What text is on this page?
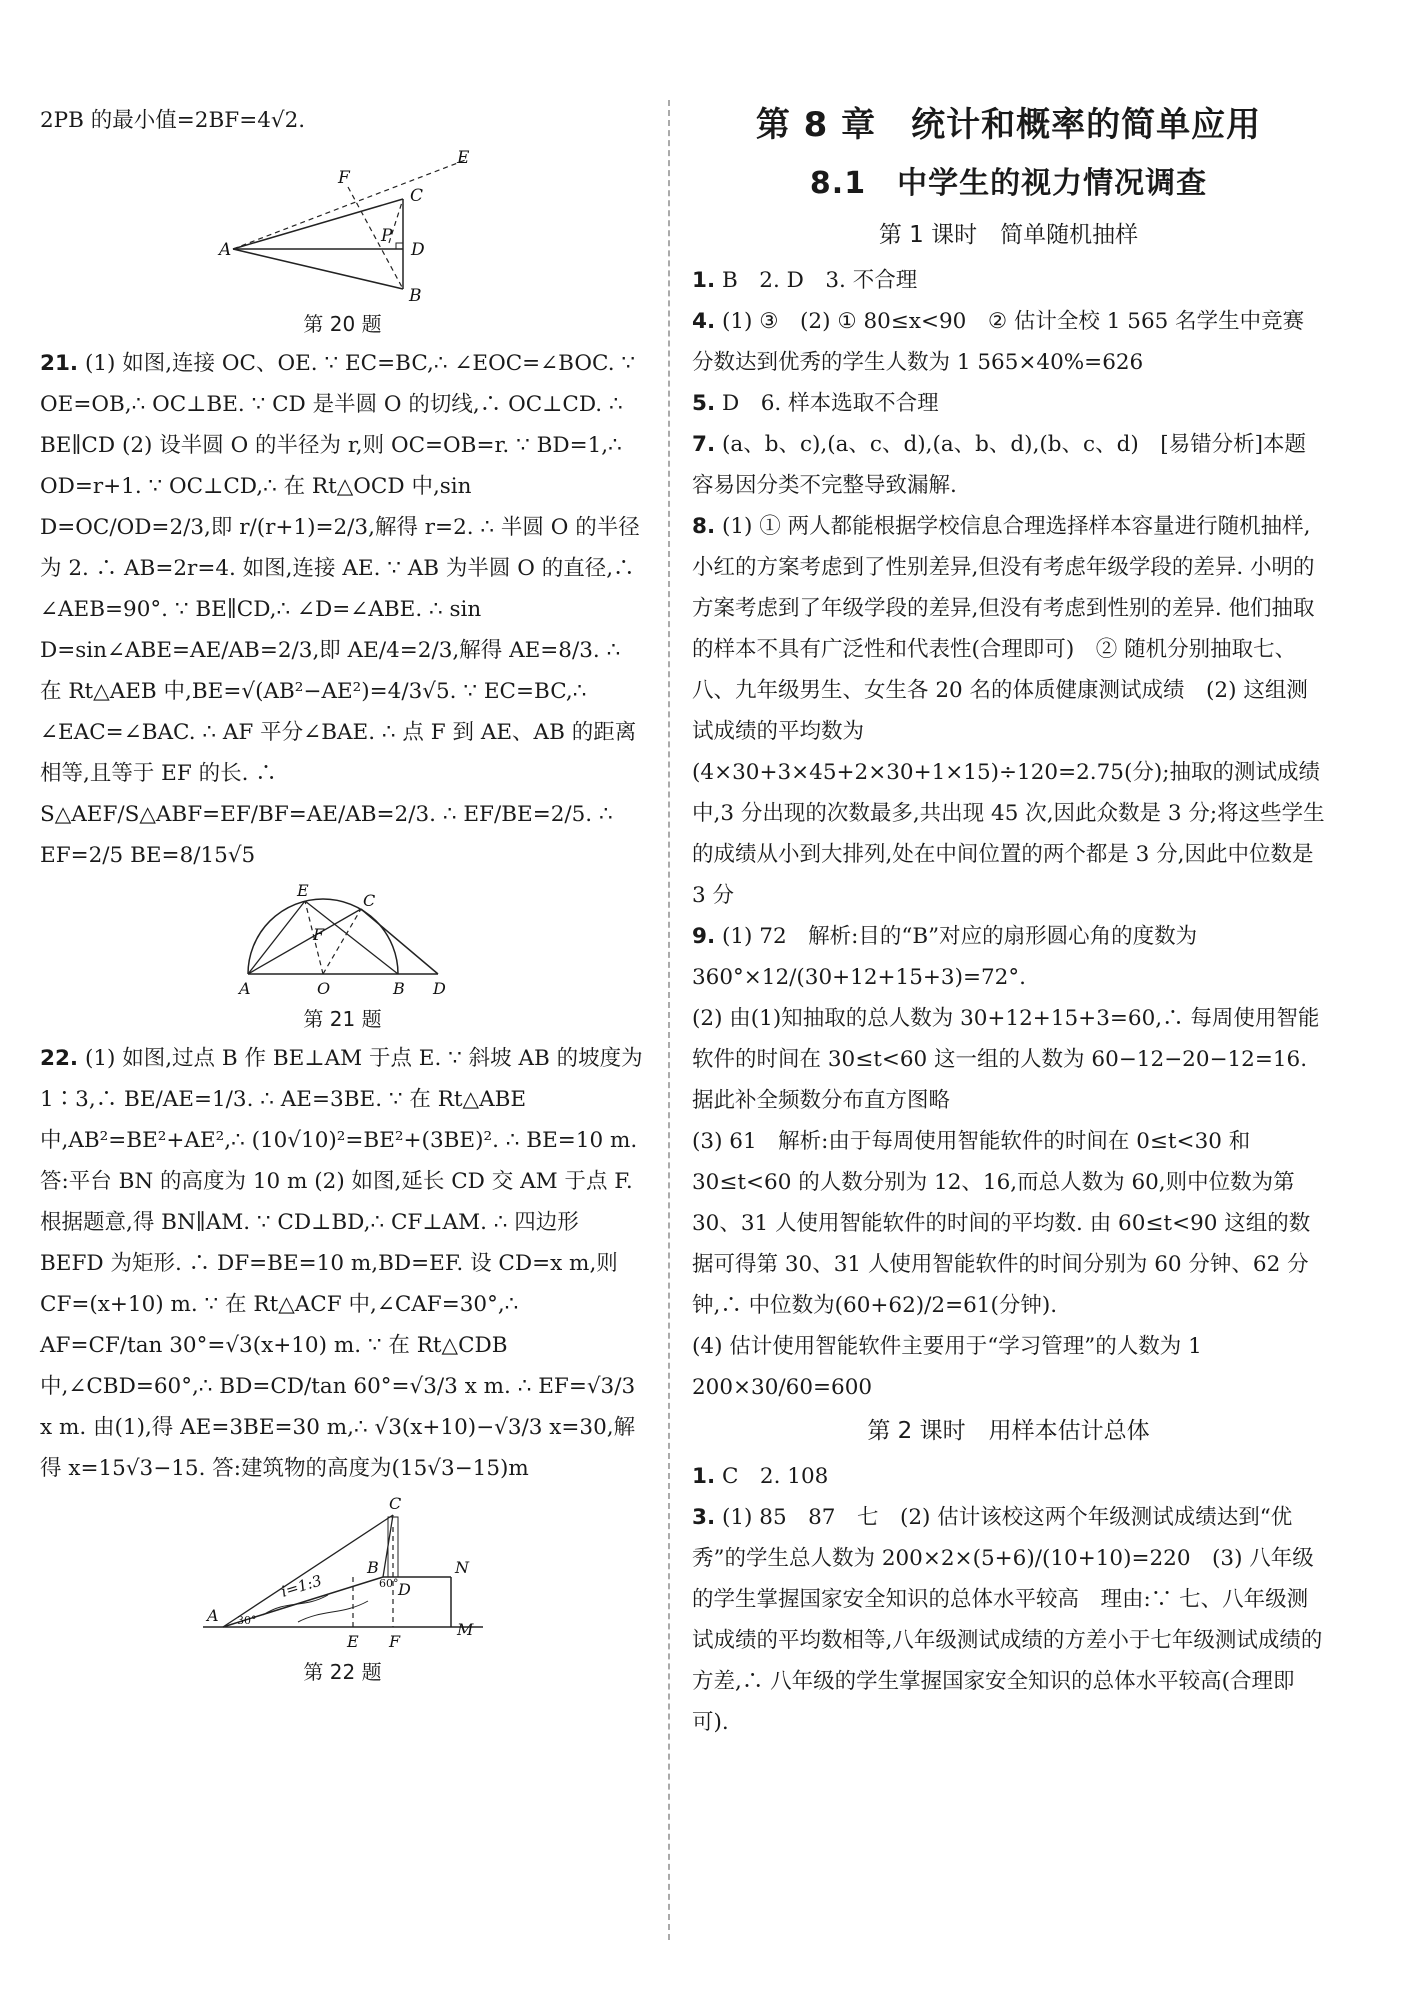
2PB 的最小值=2BF=4√2.

A
F
E
C
P
D
B
第 20 题

21. (1) 如图,连接 OC、OE. ∵ EC=BC,∴ ∠EOC=∠BOC. ∵ OE=OB,∴ OC⊥BE. ∵ CD 是半圆 O 的切线,∴ OC⊥CD. ∴ BE∥CD (2) 设半圆 O 的半径为 r,则 OC=OB=r. ∵ BD=1,∴ OD=r+1. ∵ OC⊥CD,∴ 在 Rt△OCD 中,sin D=OC/OD=2/3,即 r/(r+1)=2/3,解得 r=2. ∴ 半圆 O 的半径为 2. ∴ AB=2r=4. 如图,连接 AE. ∵ AB 为半圆 O 的直径,∴ ∠AEB=90°. ∵ BE∥CD,∴ ∠D=∠ABE. ∴ sin D=sin∠ABE=AE/AB=2/3,即 AE/4=2/3,解得 AE=8/3. ∴ 在 Rt△AEB 中,BE=√(AB²−AE²)=4/3√5. ∵ EC=BC,∴ ∠EAC=∠BAC. ∴ AF 平分∠BAE. ∴ 点 F 到 AE、AB 的距离相等,且等于 EF 的长. ∴ S△AEF/S△ABF=EF/BF=AE/AB=2/3. ∴ EF/BE=2/5. ∴ EF=2/5 BE=8/15√5

E
C
F
A	O	B D
第 21 题

22. (1) 如图,过点 B 作 BE⊥AM 于点 E. ∵ 斜坡 AB 的坡度为 1∶3,∴ BE/AE=1/3. ∴ AE=3BE. ∵ 在 Rt△ABE 中,AB²=BE²+AE²,∴ (10√10)²=BE²+(3BE)². ∴ BE=10 m. 答:平台 BN 的高度为 10 m (2) 如图,延长 CD 交 AM 于点 F. 根据题意,得 BN∥AM. ∵ CD⊥BD,∴ CF⊥AM. ∴ 四边形 BEFD 为矩形. ∴ DF=BE=10 m,BD=EF. 设 CD=x m,则 CF=(x+10) m. ∵ 在 Rt△ACF 中,∠CAF=30°,∴ AF=CF/tan 30°=√3(x+10) m. ∵ 在 Rt△CDB 中,∠CBD=60°,∴ BD=CD/tan 60°=√3/3 x m. ∴ EF=√3/3 x m. 由(1),得 AE=3BE=30 m,∴ √3(x+10)−√3/3 x=30,解得 x=15√3−15. 答:建筑物的高度为(15√3−15)m

C
B
60°
N
D
i=1:3
A 30°
E F
M
第 22 题
第 8 章　统计和概率的简单应用
8.1　中学生的视力情况调查
第 1 课时　简单随机抽样

1. B　2. D　3. 不合理

4. (1) ③　(2) ① 80≤x<90　② 估计全校 1 565 名学生中竞赛分数达到优秀的学生人数为 1 565×40%=626

5. D　6. 样本选取不合理

7. (a、b、c),(a、c、d),(a、b、d),(b、c、d)　[易错分析]本题容易因分类不完整导致漏解.

8. (1) ① 两人都能根据学校信息合理选择样本容量进行随机抽样,小红的方案考虑到了性别差异,但没有考虑年级学段的差异. 小明的方案考虑到了年级学段的差异,但没有考虑到性别的差异. 他们抽取的样本不具有广泛性和代表性(合理即可)　② 随机分别抽取七、八、九年级男生、女生各 20 名的体质健康测试成绩　(2) 这组测试成绩的平均数为(4×30+3×45+2×30+1×15)÷120=2.75(分);抽取的测试成绩中,3 分出现的次数最多,共出现 45 次,因此众数是 3 分;将这些学生的成绩从小到大排列,处在中间位置的两个都是 3 分,因此中位数是 3 分

9. (1) 72　解析:目的“B”对应的扇形圆心角的度数为 360°×12/(30+12+15+3)=72°.

(2) 由(1)知抽取的总人数为 30+12+15+3=60,∴ 每周使用智能软件的时间在 30≤t<60 这一组的人数为 60−12−20−12=16. 据此补全频数分布直方图略

(3) 61　解析:由于每周使用智能软件的时间在 0≤t<30 和 30≤t<60 的人数分别为 12、16,而总人数为 60,则中位数为第 30、31 人使用智能软件的时间的平均数. 由 60≤t<90 这组的数据可得第 30、31 人使用智能软件的时间分别为 60 分钟、62 分钟,∴ 中位数为(60+62)/2=61(分钟).

(4) 估计使用智能软件主要用于“学习管理”的人数为 1 200×30/60=600

第 2 课时　用样本估计总体

1. C　2. 108

3. (1) 85　87　七　(2) 估计该校这两个年级测试成绩达到“优秀”的学生总人数为 200×2×(5+6)/(10+10)=220　(3) 八年级的学生掌握国家安全知识的总体水平较高　理由:∵ 七、八年级测试成绩的平均数相等,八年级测试成绩的方差小于七年级测试成绩的方差,∴ 八年级的学生掌握国家安全知识的总体水平较高(合理即可).
